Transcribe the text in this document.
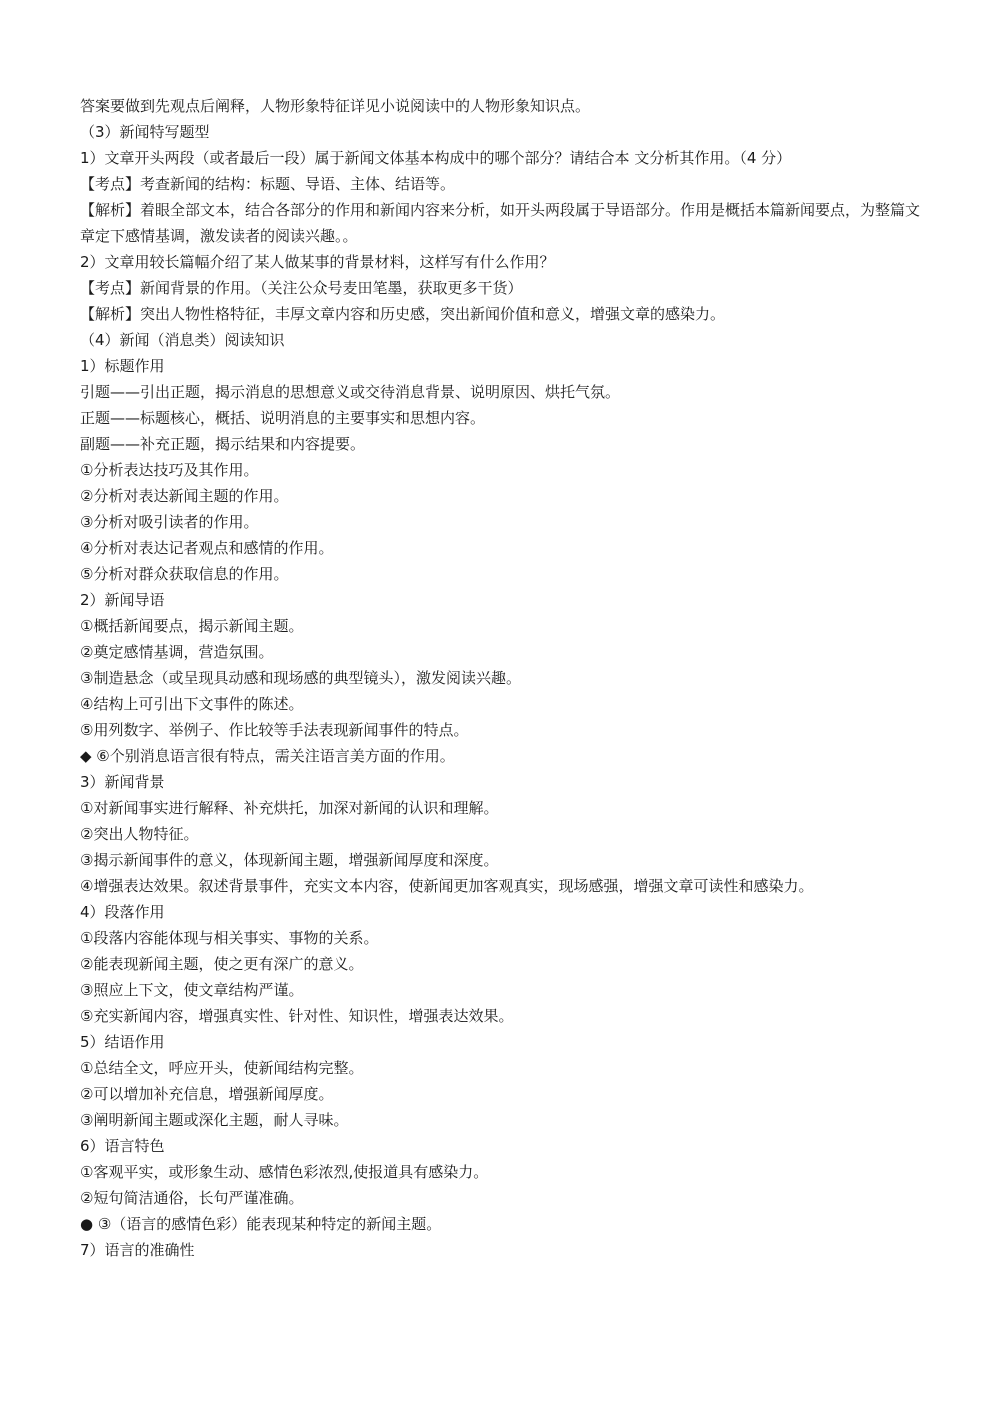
答案要做到先观点后阐释，人物形象特征详见小说阅读中的人物形象知识点。

（3）新闻特写题型

1）文章开头两段（或者最后一段）属于新闻文体基本构成中的哪个部分？请结合本 文分析其作用。（4 分）

【考点】考查新闻的结构：标题、导语、主体、结语等。

【解析】着眼全部文本，结合各部分的作用和新闻内容来分析，如开头两段属于导语部分。作用是概括本篇新闻要点，为整篇文章定下感情基调，激发读者的阅读兴趣。。

2）文章用较长篇幅介绍了某人做某事的背景材料，这样写有什么作用？

【考点】新闻背景的作用。（关注公众号麦田笔墨，获取更多干货）

【解析】突出人物性格特征，丰厚文章内容和历史感，突出新闻价值和意义，增强文章的感染力。

（4）新闻（消息类）阅读知识

1）标题作用

引题——引出正题，揭示消息的思想意义或交待消息背景、说明原因、烘托气氛。

正题——标题核心，概括、说明消息的主要事实和思想内容。

副题——补充正题，揭示结果和内容提要。

①分析表达技巧及其作用。

②分析对表达新闻主题的作用。

③分析对吸引读者的作用。

④分析对表达记者观点和感情的作用。

⑤分析对群众获取信息的作用。

2）新闻导语

①概括新闻要点，揭示新闻主题。

②奠定感情基调，营造氛围。

③制造悬念（或呈现具动感和现场感的典型镜头），激发阅读兴趣。

④结构上可引出下文事件的陈述。

⑤用列数字、举例子、作比较等手法表现新闻事件的特点。

◆ ⑥个别消息语言很有特点，需关注语言美方面的作用。

3）新闻背景

①对新闻事实进行解释、补充烘托，加深对新闻的认识和理解。

②突出人物特征。

③揭示新闻事件的意义，体现新闻主题，增强新闻厚度和深度。

④增强表达效果。叙述背景事件，充实文本内容，使新闻更加客观真实，现场感强，增强文章可读性和感染力。

4）段落作用

①段落内容能体现与相关事实、事物的关系。

②能表现新闻主题，使之更有深广的意义。

③照应上下文，使文章结构严谨。

⑤充实新闻内容，增强真实性、针对性、知识性，增强表达效果。

5）结语作用

①总结全文，呼应开头，使新闻结构完整。

②可以增加补充信息，增强新闻厚度。

③阐明新闻主题或深化主题，耐人寻味。

6）语言特色

①客观平实，或形象生动、感情色彩浓烈,使报道具有感染力。

②短句简洁通俗，长句严谨准确。

● ③（语言的感情色彩）能表现某种特定的新闻主题。

7）语言的准确性
